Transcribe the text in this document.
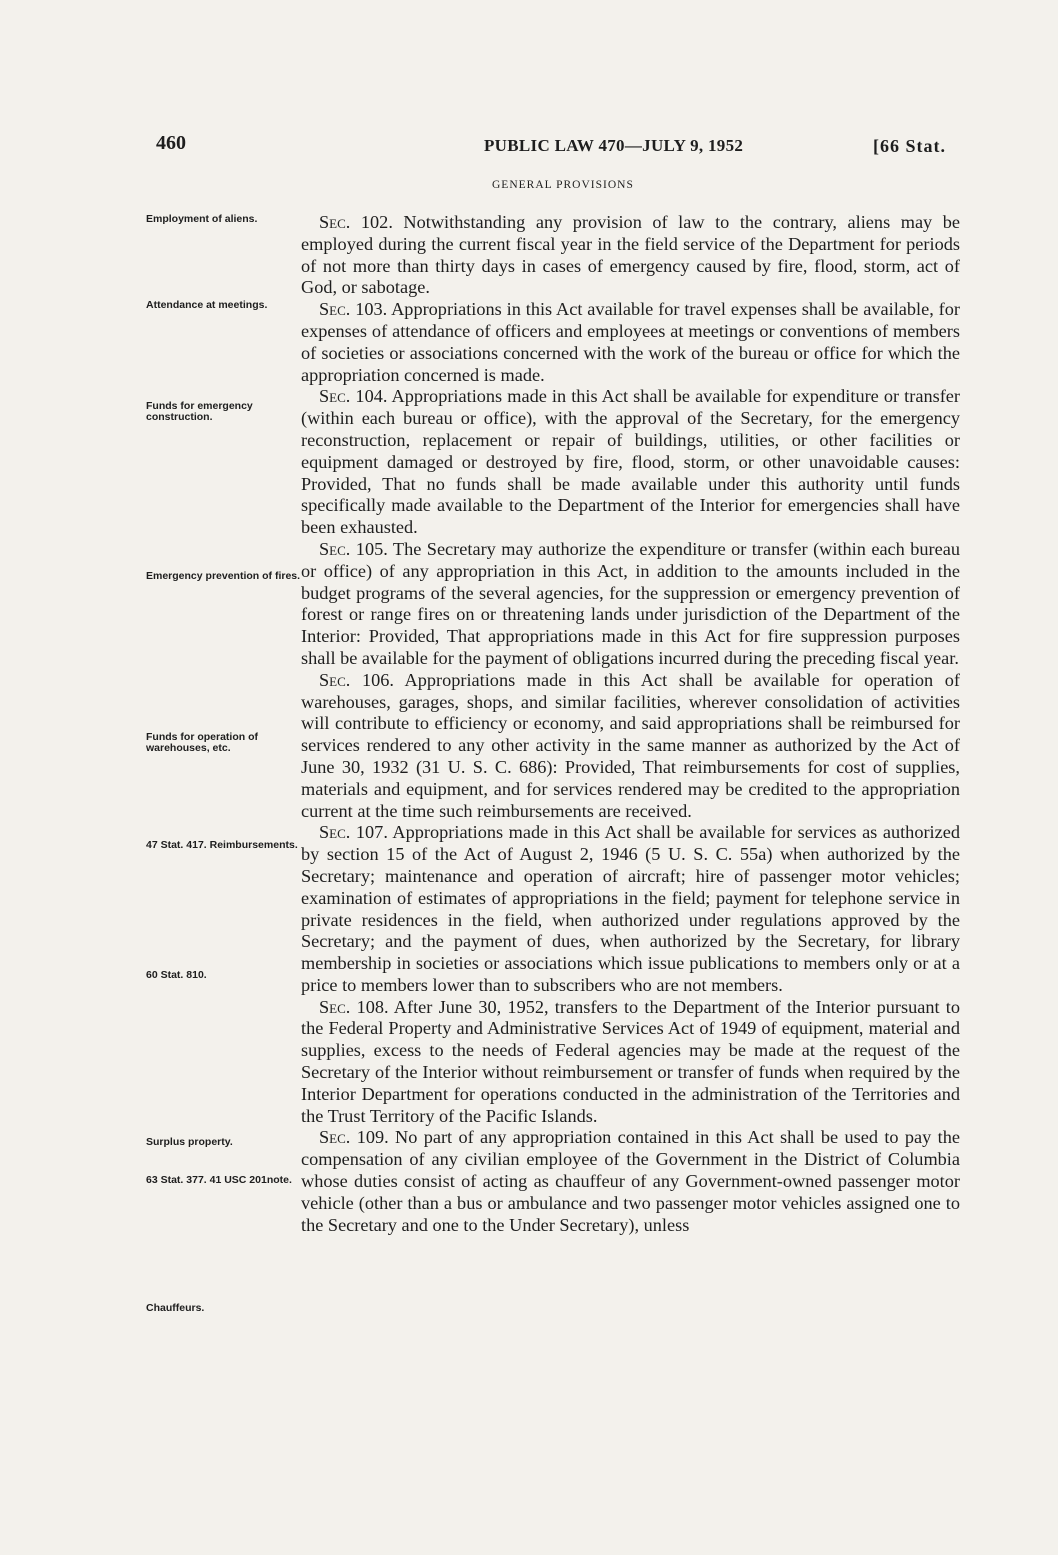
460	PUBLIC LAW 470—JULY 9, 1952	[66 Stat.
GENERAL PROVISIONS
Employment of aliens.
Attendance at meetings.
Funds for emergency construction.
Emergency prevention of fires.
Funds for operation of warehouses, etc.
47 Stat. 417. Reimbursements.
60 Stat. 810.
Surplus property.
63 Stat. 377. 41 USC 201note.
Chauffeurs.

Sec. 102. Notwithstanding any provision of law to the contrary, aliens may be employed during the current fiscal year in the field service of the Department for periods of not more than thirty days in cases of emergency caused by fire, flood, storm, act of God, or sabotage.

Sec. 103. Appropriations in this Act available for travel expenses shall be available, for expenses of attendance of officers and employees at meetings or conventions of members of societies or associations concerned with the work of the bureau or office for which the appropriation concerned is made.

Sec. 104. Appropriations made in this Act shall be available for expenditure or transfer (within each bureau or office), with the approval of the Secretary, for the emergency reconstruction, replacement or repair of buildings, utilities, or other facilities or equipment damaged or destroyed by fire, flood, storm, or other unavoidable causes: Provided, That no funds shall be made available under this authority until funds specifically made available to the Department of the Interior for emergencies shall have been exhausted.

Sec. 105. The Secretary may authorize the expenditure or transfer (within each bureau or office) of any appropriation in this Act, in addition to the amounts included in the budget programs of the several agencies, for the suppression or emergency prevention of forest or range fires on or threatening lands under jurisdiction of the Department of the Interior: Provided, That appropriations made in this Act for fire suppression purposes shall be available for the payment of obligations incurred during the preceding fiscal year.

Sec. 106. Appropriations made in this Act shall be available for operation of warehouses, garages, shops, and similar facilities, wherever consolidation of activities will contribute to efficiency or economy, and said appropriations shall be reimbursed for services rendered to any other activity in the same manner as authorized by the Act of June 30, 1932 (31 U. S. C. 686): Provided, That reimbursements for cost of supplies, materials and equipment, and for services rendered may be credited to the appropriation current at the time such reimbursements are received.

Sec. 107. Appropriations made in this Act shall be available for services as authorized by section 15 of the Act of August 2, 1946 (5 U. S. C. 55a) when authorized by the Secretary; maintenance and operation of aircraft; hire of passenger motor vehicles; examination of estimates of appropriations in the field; payment for telephone service in private residences in the field, when authorized under regulations approved by the Secretary; and the payment of dues, when authorized by the Secretary, for library membership in societies or associations which issue publications to members only or at a price to members lower than to subscribers who are not members.

Sec. 108. After June 30, 1952, transfers to the Department of the Interior pursuant to the Federal Property and Administrative Services Act of 1949 of equipment, material and supplies, excess to the needs of Federal agencies may be made at the request of the Secretary of the Interior without reimbursement or transfer of funds when required by the Interior Department for operations conducted in the administration of the Territories and the Trust Territory of the Pacific Islands.

Sec. 109. No part of any appropriation contained in this Act shall be used to pay the compensation of any civilian employee of the Government in the District of Columbia whose duties consist of acting as chauffeur of any Government-owned passenger motor vehicle (other than a bus or ambulance and two passenger motor vehicles assigned one to the Secretary and one to the Under Secretary), unless
